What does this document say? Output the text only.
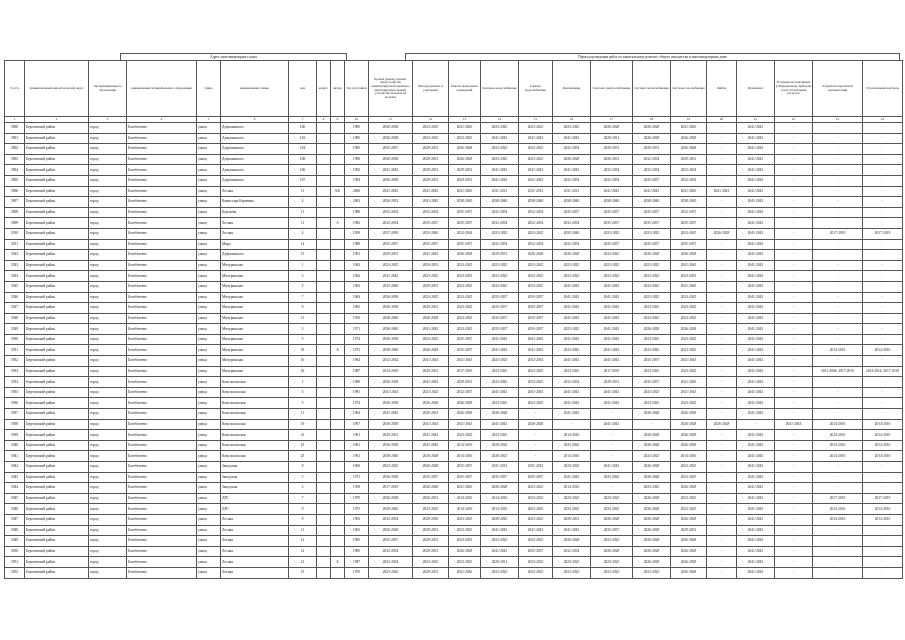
Адрес многоквартирного дома	Период проведения работ по капитальному ремонту общего имущества в многоквартирном доме
№ п/п	муниципальный район/городской округ	тип муниципального образования	наименование муниципального образования	улица	наименование улицы	дом	корпус	литера	Год постройки	Кровля (ремонт кровли, переустройство невентилируемой крыши на вентилируемую крышу, устройство выходов на кровлю)	Фасады (ремонт и утепление)	Ремонт подвальных помещений	Холодное водоснабжение	Горячее водоснабжение	Канализация	Система электроснабжения	Система теплоснабжения	Система газоснабжения	Лифты	Фундамент	Установка коллективных (общедомовых) приборов учета потребления ресурсов	Разработка проектной документации	Строительный контроль
1	2	3	4	5	6	7	8	9	10	11	12	13	14	15	16	17	18	19	20	21	22	23	24
3900	Березовский район	город	Белебелеево	улица	Дзержинского	100			1985	2036-2038	2023-2025	2041-2043	2023-2025	2023-2025	2023-2025	2026-2028	2026-2028	2041-2043	-	2041-2043	-	-	-
3901	Березовский район	город	Белебелеево	улица	Дзержинского	102			1985	2036-2038	2023-2025	2023-2025	2041-2043	2041-2043	2041-2043	2029-2031	2026-2028	2026-2028	-	2041-2043	-	-	-
3902	Березовский район	город	Белебелеево	улица	Дзержинского	104			1985	2035-2037	2029-2031	2026-2028	2023-2025	2023-2025	2032-2034	2029-2031	2029-2031	2026-2028	-	2041-2043	-	-	-
3903	Березовский район	город	Белебелеево	улица	Дзержинского	108			1990	2036-2038	2029-2031	2026-2028	2023-2025	2023-2025	2026-2028	2026-2031	2032-2034	2029-2031	-	2041-2043	-	-	-
3904	Березовский район	город	Белебелеево	улица	Дзержинского	106			1992	2041-2043	2029-2031	2029-2031	2041-2043	2041-2043	2041-2043	2032-2034	2032-2034	2032-2034	-	2041-2043	-	-	-
3905	Березовский район	город	Белебелеево	улица	Дзержинского	107			1994	2036-2038	2029-2031	2029-2031	2041-2043	2041-2043	2032-2034	2032-2034	2035-2037	2032-2034	-	2041-2043	-	-	-
3906	Березовский район	город	Белебелеево	улица	Лесная	11		А/Б	2006	2041-2043	2041-2043	2041-2043	2011-2013	2011-2013	2011-2013	2041-2043	2041-2043	2041-2043	2041-2043	2041-2043	-	-	-
3907	Березовский район	город	Белебелеево	улица	Комиссара Карпенко	4			2003	2030-2032	2041-2043	2038-2040	2038-2040	2038-2040	2038-2040	2038-2040	2038-2040	2038-2040	-	2041-2043	-	-	-
3908	Березовский район	город	Белебелеево	улица	Королёва	11			1988	2032-2034	2032-2034	2035-2037	2032-2034	2032-2034	2035-2037	2035-2037	2035-2037	2032-2037	-	2041-2043	-	-	-
3909	Березовский район	город	Белебелеево	улица	Лесная	11		А	1982	2032-2034	2035-2037	2035-2037	2032-2034	2032-2034	2032-2034	2035-2037	2035-2037	2035-2037	-	2041-2043	-	-	-
3910	Березовский район	город	Белебелеево	улица	Лесная	4			1950	2037-2039	2035-2040	2032-2034	2023-2025	2023-2025	2035-2040	2023-2025	2023-2025	2023-2025	2026-2028	2041-2043	-	2017-2019	2017-2019
3911	Березовский район	город	Белебелеево	улица	Мира	14			1989	2035-2037	2035-2037	2035-2037	2032-2034	2032-2034	2032-2034	2035-2037	2035-2037	2035-2037	-	2041-2043	-	-	-
3922	Березовский район	город	Белебелеево	улица	Дзержинского	15			1991	2029-2031	2041-2043	2026-2028	2029-2031	2026-2028	2026-2028	2023-2025	2026-2028	2026-2028	-	2041-2043	-	-	-
3923	Березовский район	город	Белебелеево	улица	Мичуринская	1			1962	2023-2025	2029-2031	2023-2025	2023-2025	2023-2025	2023-2025	2023-2025	2023-2025	2041-2043	-	2041-2043	-	-	-
3924	Березовский район	город	Белебелеево	улица	Мичуринская	3			1962	2041-2043	2023-2025	2023-2025	2023-2025	2023-2025	2023-2025	2023-2025	2023-2025	2023-2025	-	2041-2043	-	-	-
3925	Березовский район	город	Белебелеево	улица	Мичуринская	5			1963	2035-2040	2029-2031	2023-2025	2023-2025	2023-2025	2041-2043	2041-2043	2023-2025	2041-2043	-	2041-2043	-	-	-
3926	Березовский район	город	Белебелеево	улица	Мичуринская	7			1964	2036-2038	2023-2025	2023-2025	2035-2037	2035-2037	2041-2043	2041-2043	2023-2025	2023-2025	-	2041-2043	-	-	-
3927	Березовский район	город	Белебелеево	улица	Мичуринская	9			1965	2036-2038	2029-2031	2023-2025	2035-2037	2035-2037	2041-2043	2041-2043	2023-2025	2023-2025	-	2041-2043	-	-	-
3928	Березовский район	город	Белебелеево	улица	Мичуринская	11			1950	2038-2040	2026-2028	2023-2025	2035-2037	2035-2037	2041-2043	2041-2043	2023-2025	2023-2025	-	2041-2043	-	-	-
3929	Березовский район	город	Белебелеево	улица	Мичуринская	3			1971	2038-2040	2041-2043	2023-2025	2035-2037	2035-2037	2023-2025	2041-2043	2026-2028	2026-2028	-	2041-2043	-	-	-
3930	Березовский район	город	Белебелеево	улица	Мичуринская	5			1974	2036-2038	2023-2025	2035-2037	2041-2043	2041-2043	2041-2043	2041-2043	2023-2025	2023-2025	-	2041-2043	-	-	-
3931	Березовский район	город	Белебелеево	улица	Мичуринская	18		А	1972	2038-2040	2026-2028	2035-2037	2041-2043	2041-2043	2023-2025	2041-2043	2023-2025	2023-2025	-	2041-2043	-	2014-2016	2014-2016
3932	Березовский район	город	Белебелеево	улица	Мичуринская	16			1964	2032-2034	2041-2043	2041-2043	2023-2025	2032-2034	2041-2043	2041-2043	2035-2037	2041-2043	-	2041-2043	-	-	-
3933	Березовский район	город	Белебелеево	улица	Мичуринская	26			1987	2014-2016	2029-2031	2017-2019	2023-2025	2023-2025	2023-2025	2017-2019	2023-2025	2023-2025	-	2041-2043	-	2011-2006, 2017-2019	2014-2016, 2017-2019
3934	Березовский район	город	Белебелеево	улица	Комсомольская	1			1980	2036-2038	2041-2043	2029-2031	2023-2025	2023-2025	2032-2034	2029-2031	2035-2037	2041-2043	-	2041-2043	-	-	-
3935	Березовский район	город	Белебелеево	улица	Комсомольская	3			1981	2041-2043	2023-2025	2032-2037	2041-2043	2041-2043	2041-2043	2041-2043	2023-2025	2041-2043	-	2041-2043	-	-	-
3936	Березовский район	город	Белебелеево	улица	Комсомольская	5			1974	2036-2038	2026-2028	2026-2028	2023-2025	2023-2025	2041-2043	2041-2043	2023-2025	2023-2025	-	2041-2043	-	-	-
3937	Березовский район	город	Белебелеево	улица	Комсомольская	11			1964	2041-2043	2026-2031	2026-2028	2026-2028	-	2041-2043	-	2026-2028	2026-2028	-	2041-2043	-	-	-
3938	Березовский район	город	Белебелеево	улица	Комсомольская	19			1967	2036-2038	2041-2043	2041-2043	2041-2043	2026-2028	-	2041-2043	-	2026-2028	2026-2028	-	2041-2043	2014-2016	2014-2016
3939	Березовский район	город	Белебелеево	улица	Комсомольская	21			1961	2029-2031	2041-2043	2023-2025	2023-2025	-	2014-2016	-	2026-2028	2026-2028	-	2041-2043	-	2014-2016	2014-2016
3940	Березовский район	город	Белебелеево	улица	Комсомольская	23			1961	2036-2038	2041-2043	2014-2016	2029-2025	-	2023-2025	-	2026-2028	2026-2028	-	2041-2043	-	2014-2016	2014-2016
3941	Березовский район	город	Белебелеево	улица	Комсомольская	25			1961	2038-2040	2026-2028	2014-2016	2026-2027	-	2014-2016	-	2023-2025	2014-2016	-	2041-2043	-	2014-2016	2014-2016
3942	Березовский район	город	Белебелеево	улица	Заводская	9			1960	2023-2025	2026-2028	2035-2037	2011-2013	2011-2013	2023-2025	2041-2043	2026-2028	2023-2025	-	2041-2043	-	-	-
3943	Березовский район	город	Белебелеево	улица	Заводская	5			1973	2036-2038	2035-2037	2035-2037	2035-2037	2035-2037	2041-2043	2023-2025	2026-2028	2023-2025	-	2041-2043	-	-	-
3944	Березовский район	город	Белебелеево	улица	Заводская	3			1958	2017-2019	2026-2028	2041-2043	2026-2028	2023-2025	2014-2016	-	2023-2025	2026-2028	-	2041-2043	-	-	-
3945	Березовский район	город	Белебелеево	улица	ДРС	7			1970	2036-2038	2026-2031	2014-2016	2014-2016	2023-2025	2023-2025	2023-2025	2026-2028	2023-2025	-	2041-2043	-	2017-2019	2017-2019
3946	Березовский район	город	Белебелеево	улица	ДРС	9			1975	2038-2040	2023-2025	2014-2016	2014-2016	2023-2025	2023-2025	2023-2025	2026-2028	2023-2025	-	2041-2043	-	2014-2016	2014-2016
3947	Березовский район	город	Белебелеево	улица	Лесная	9			1963	2032-2034	2029-2030	2023-2025	2029-2025	2023-2025	2029-2031	2026-2028	2026-2028	2026-2028	-	2041-2043	-	2014-2016	2014-2016
3948	Березовский район	город	Белебелеево	улица	Лесная	11			1963	2026-2028	2029-2031	2023-2025	2041-2043	2041-2043	2041-2043	2035-2037	2026-2028	2029-2031	-	2041-2043	-	-	-
3949	Березовский район	город	Белебелеево	улица	Лесная	12			1985	2035-2037	2029-2031	2023-2025	2023-2025	2023-2025	2026-2028	2023-2025	2026-2028	2026-2028	-	2041-2043	-	-	-
3950	Березовский район	город	Белебелеево	улица	Лесная	12			1985	2032-2034	2029-2031	2026-2028	2041-2043	2035-2037	2032-2034	2026-2028	2026-2028	2026-2028	-	2041-2043	-	-	-
3951	Березовский район	город	Белебелеево	улица	Лесная	12		Б	1987	2032-2034	2023-2025	2023-2025	2029-2031	2023-2025	2023-2025	2023-2025	2026-2028	2026-2028	-	2041-2043	-	-	-
3952	Березовский район	город	Белебелеево	улица	Лесная	15			1970	2023-2020	2029-2031	2041-2043	2023-2025	2023-2025	2023-2025	2023-2025	2023-2025	2026-2028	-	2041-2043	-	-	-
